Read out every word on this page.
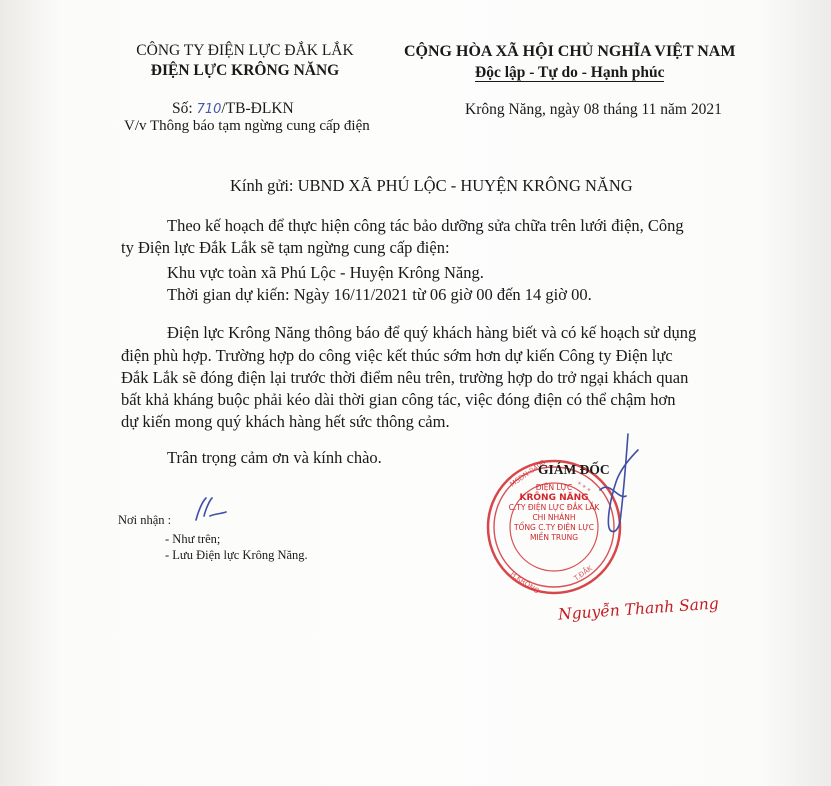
CÔNG TY ĐIỆN LỰC ĐẮK LẮK
ĐIỆN LỰC KRÔNG NĂNG
CỘNG HÒA XÃ HỘI CHỦ NGHĨA VIỆT NAM
Độc lập - Tự do - Hạnh phúc
Số: 710/TB-ĐLKN
V/v Thông báo tạm ngừng cung cấp điện
Krông Năng, ngày 08 tháng 11 năm 2021
Kính gửi: UBND XÃ PHÚ LỘC - HUYỆN KRÔNG NĂNG
Theo kế hoạch để thực hiện công tác bảo dưỡng sửa chữa trên lưới điện, Công
ty Điện lực Đắk Lắk sẽ tạm ngừng cung cấp điện:
Khu vực toàn xã Phú Lộc - Huyện Krông Năng.
Thời gian dự kiến: Ngày 16/11/2021 từ 06 giờ 00 đến 14 giờ 00.
Điện lực Krông Năng thông báo để quý khách hàng biết và có kế hoạch sử dụng
điện phù hợp. Trường hợp do công việc kết thúc sớm hơn dự kiến Công ty Điện lực
Đắk Lắk sẽ đóng điện lại trước thời điểm nêu trên, trường hợp do trở ngại khách quan
bất khả kháng buộc phải kéo dài thời gian công tác, việc đóng điện có thể chậm hơn
dự kiến mong quý khách hàng hết sức thông cảm.
Trân trọng cảm ơn và kính chào.
Nơi nhận :
- Như trên;
- Lưu Điện lực Krông Năng.
MSDN:0400	* * *
H.KRÔNG	T.ĐẮK
GIÁM ĐỐC
ĐIỆN LỰC
KRÔNG NĂNG
C.TY ĐIỆN LỰC ĐẮK LẮK
CHI NHÁNH
TỔNG C.TY ĐIỆN LỰC
MIỀN TRUNG
Nguyễn Thanh Sang
